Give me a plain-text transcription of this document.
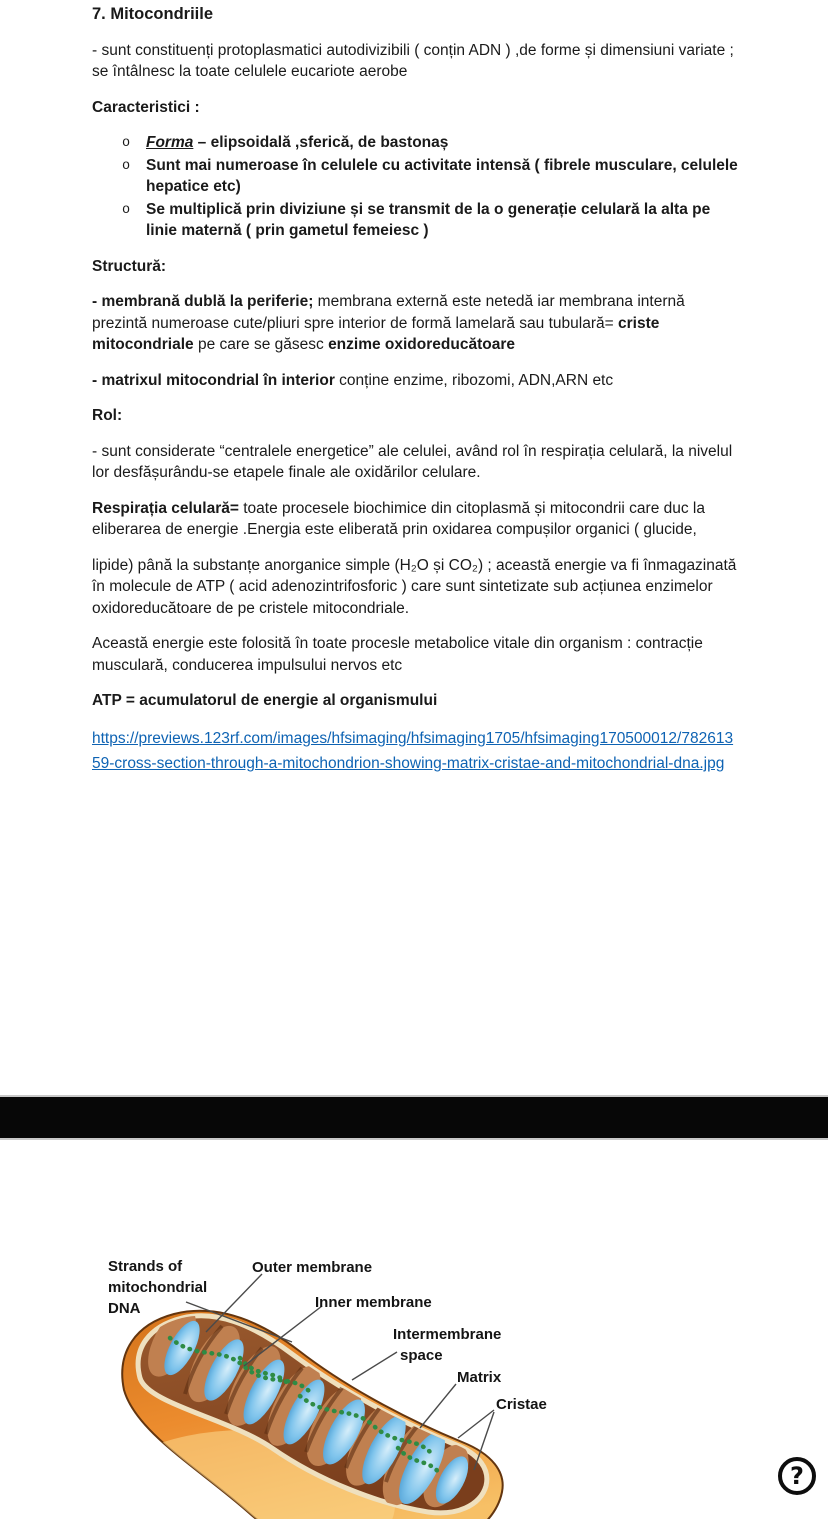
7. Mitocondriile

- sunt constituenți protoplasmatici autodivizibili ( conțin ADN ) ,de forme și dimensiuni variate ; se întâlnesc la toate celulele eucariote aerobe

Caracteristici :

o Forma – elipsoidală ,sferică, de bastonaș
o Sunt mai numeroase în celulele cu activitate intensă ( fibrele musculare, celulele hepatice etc)
o Se multiplică prin diviziune și se transmit de la o generație celulară la alta pe linie maternă ( prin gametul femeiesc )

Structură:

- membrană dublă la periferie; membrana externă este netedă iar membrana internă prezintă numeroase cute/pliuri spre interior de formă lamelară sau tubulară= criste mitocondriale pe care se găsesc enzime oxidoreducătoare

- matrixul mitocondrial în interior conține enzime, ribozomi, ADN,ARN etc

Rol:

- sunt considerate “centralele energetice” ale celulei, având rol în respirația celulară, la nivelul lor desfășurându-se etapele finale ale oxidărilor celulare.

Respirația celulară= toate procesele biochimice din citoplasmă și mitocondrii care duc la eliberarea de energie .Energia este eliberată prin oxidarea compușilor organici ( glucide,

lipide) până la substanțe anorganice simple (H₂O și CO₂) ; această energie va fi înmagazinată în molecule de ATP ( acid adenozintrifosforic ) care sunt sintetizate sub acțiunea enzimelor oxidoreducătoare de pe cristele mitocondriale.

Această energie este folosită în toate procesle metabolice vitale din organism : contracție musculară, conducerea impulsului nervos etc

ATP = acumulatorul de energie al organismului

https://previews.123rf.com/images/hfsimaging/hfsimaging1705/hfsimaging170500012/78261359-cross-section-through-a-mitochondrion-showing-matrix-cristae-and-mitochondrial-dna.jpg

Strands of
mitochondrial
DNA
Outer membrane
Inner membrane
Intermembrane
space
Matrix
Cristae
?
